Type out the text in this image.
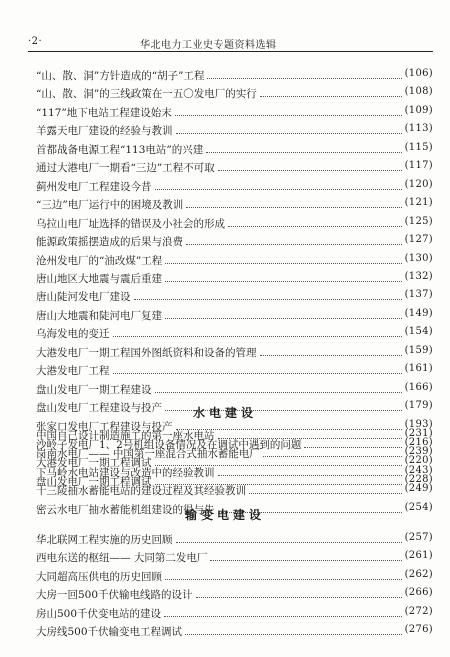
·2·	华北电力工业史专题资料选辑
水电建设
输变电建设
“山、散、洞”方针造成的“胡子”工程	(106)
“山、散、洞”的三线政策在一五〇发电厂的实行	(108)
“117”地下电站工程建设始末	(109)
羊露天电厂建设的经验与教训	(113)
首都战备电源工程“113电站”的兴建	(115)
通过大港电厂一期看“三边”工程不可取	(117)
蓟州发电厂工程建设今昔	(120)
“三边”电厂运行中的困境及教训	(121)
乌拉山电厂址选择的错误及小社会的形成	(125)
能源政策摇摆造成的后果与浪费	(127)
沧州发电厂的“油改煤”工程	(130)
唐山地区大地震与震后重建	(132)
唐山陡河发电厂建设	(137)
唐山大地震和陡河电厂复建	(149)
乌海发电的变迁	(154)
大港发电厂一期工程国外图纸资料和设备的管理	(159)
大港发电厂工程	(161)
盘山发电厂一期工程建设	(166)
盘山发电厂工程建设与投产	(179)
张家口发电厂工程建设与投产	(193)
沙岭子发电厂1、2号机组设备情况及在调试中遇到的问题	(216)
大港发电厂一期工程调试	(220)
盘山发电厂一期工程调试	(228)
中国自己设计制造施工的第一座水电站	(231)
岗南水电厂—— 中国第一座混合式抽水蓄能电厂	(239)
下马岭水电站建设与改造中的经验教训	(243)
十三陵抽水蓄能电站的建设过程及其经验教训	(249)
密云水电厂抽水蓄能机组建设的得与失	(254)
华北联网工程实施的历史回顾	(257)
西电东送的枢纽—— 大同第二发电厂	(261)
大同超高压供电的历史回顾	(262)
大房一回500千伏输电线路的设计	(266)
房山500千伏变电站的建设	(272)
大房线500千伏输变电工程调试	(276)
